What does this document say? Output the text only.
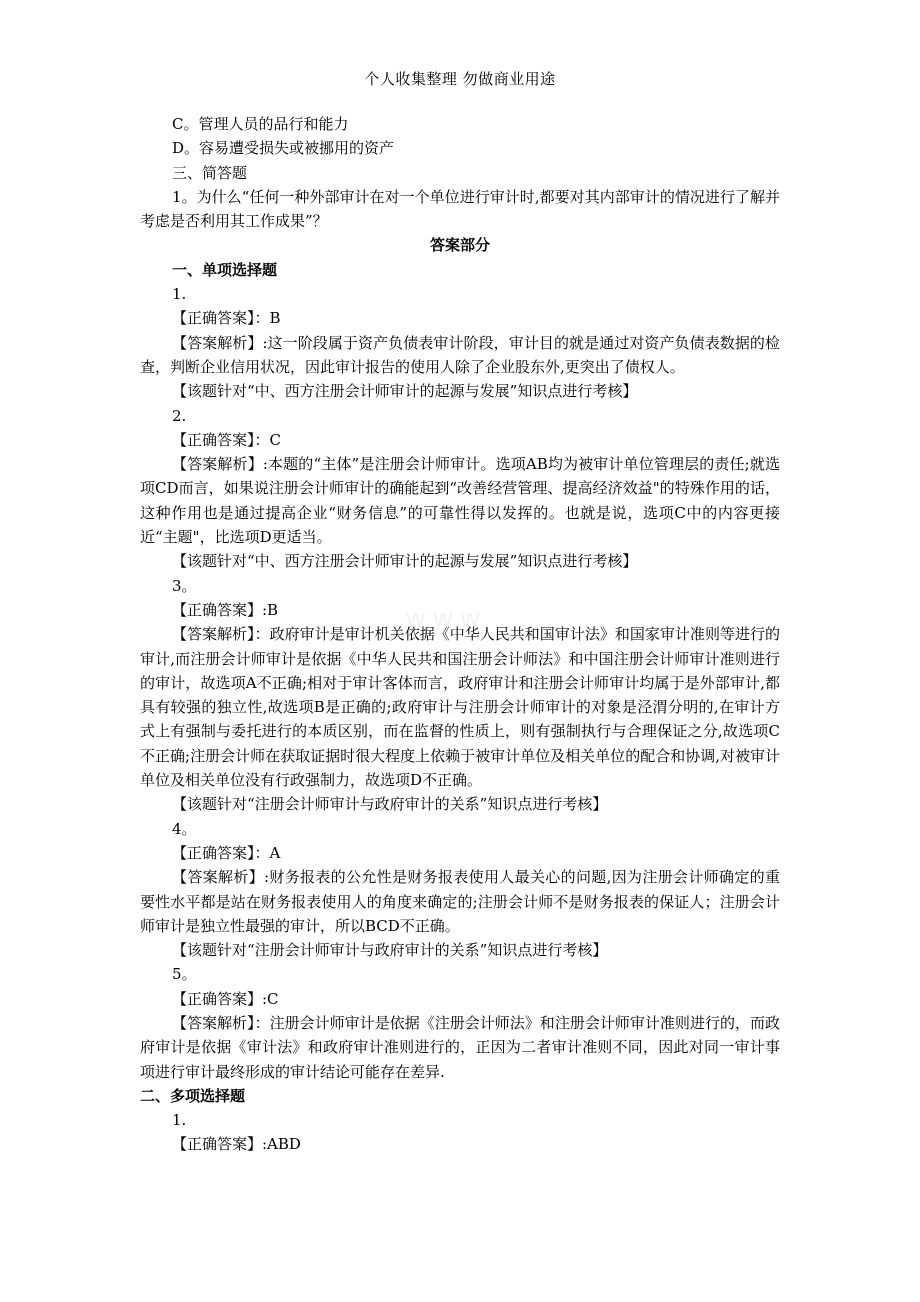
个人收集整理 勿做商业用途
www

C。管理人员的品行和能力

D。容易遭受损失或被挪用的资产

三、简答题

1。为什么“任何一种外部审计在对一个单位进行审计时,都要对其内部审计的情况进行了解并考虑是否利用其工作成果”？

答案部分

一、单项选择题

1.

【正确答案】：B

【答案解析】:这一阶段属于资产负债表审计阶段，审计目的就是通过对资产负债表数据的检查，判断企业信用状况，因此审计报告的使用人除了企业股东外,更突出了债权人。

【该题针对“中、西方注册会计师审计的起源与发展”知识点进行考核】

2.

【正确答案】：C

【答案解析】:本题的“主体”是注册会计师审计。选项AB均为被审计单位管理层的责任;就选项CD而言，如果说注册会计师审计的确能起到“改善经营管理、提高经济效益"的特殊作用的话，这种作用也是通过提高企业“财务信息”的可靠性得以发挥的。也就是说，选项C中的内容更接近“主题"，比选项D更适当。

【该题针对“中、西方注册会计师审计的起源与发展”知识点进行考核】

3。

【正确答案】:B

【答案解析】：政府审计是审计机关依据《中华人民共和国审计法》和国家审计准则等进行的审计,而注册会计师审计是依据《中华人民共和国注册会计师法》和中国注册会计师审计准则进行的审计，故选项A不正确;相对于审计客体而言，政府审计和注册会计师审计均属于是外部审计,都具有较强的独立性,故选项B是正确的;政府审计与注册会计师审计的对象是泾渭分明的,在审计方式上有强制与委托进行的本质区别，而在监督的性质上，则有强制执行与合理保证之分,故选项C不正确;注册会计师在获取证据时很大程度上依赖于被审计单位及相关单位的配合和协调,对被审计单位及相关单位没有行政强制力，故选项D不正确。

【该题针对“注册会计师审计与政府审计的关系”知识点进行考核】

4。

【正确答案】：A

【答案解析】:财务报表的公允性是财务报表使用人最关心的问题,因为注册会计师确定的重要性水平都是站在财务报表使用人的角度来确定的;注册会计师不是财务报表的保证人；注册会计师审计是独立性最强的审计，所以BCD不正确。

【该题针对“注册会计师审计与政府审计的关系”知识点进行考核】

5。

【正确答案】:C

【答案解析】：注册会计师审计是依据《注册会计师法》和注册会计师审计准则进行的，而政府审计是依据《审计法》和政府审计准则进行的，正因为二者审计准则不同，因此对同一审计事项进行审计最终形成的审计结论可能存在差异.

二、多项选择题

1.

【正确答案】:ABD
